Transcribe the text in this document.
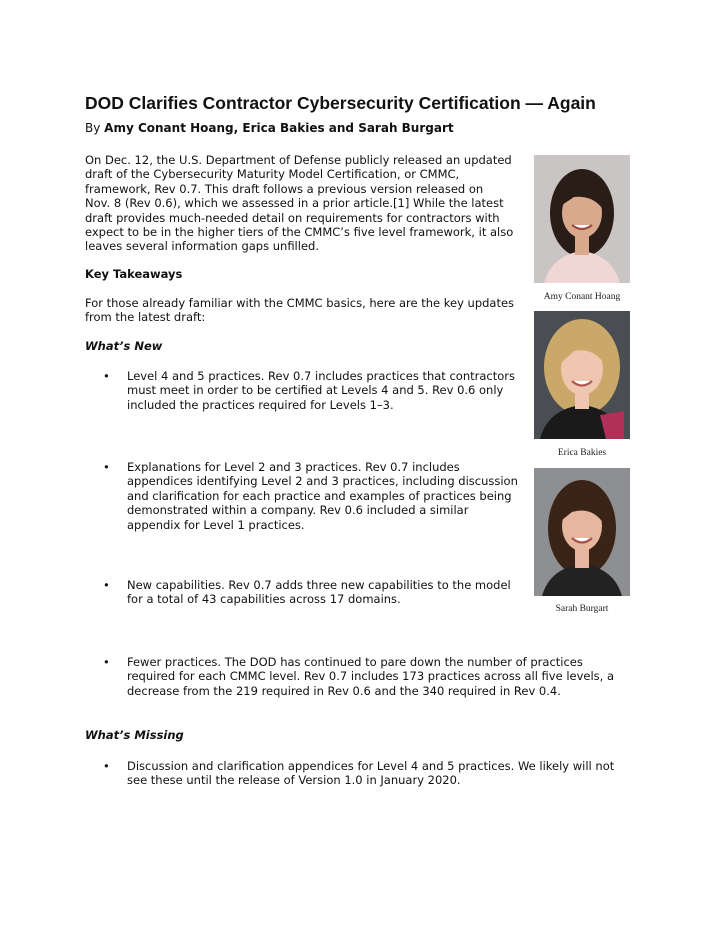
DOD Clarifies Contractor Cybersecurity Certification — Again
By Amy Conant Hoang, Erica Bakies and Sarah Burgart
On Dec. 12, the U.S. Department of Defense publicly released an updated
draft of the Cybersecurity Maturity Model Certification, or CMMC,
framework, Rev 0.7. This draft follows a previous version released on
Nov. 8 (Rev 0.6), which we assessed in a prior article.[1] While the latest
draft provides much-needed detail on requirements for contractors with
expect to be in the higher tiers of the CMMC’s five level framework, it also
leaves several information gaps unfilled.
Key Takeaways
For those already familiar with the CMMC basics, here are the key updates
from the latest draft:
What’s New
• Level 4 and 5 practices. Rev 0.7 includes practices that contractors
must meet in order to be certified at Levels 4 and 5. Rev 0.6 only
included the practices required for Levels 1–3.
• Explanations for Level 2 and 3 practices. Rev 0.7 includes
appendices identifying Level 2 and 3 practices, including discussion
and clarification for each practice and examples of practices being
demonstrated within a company. Rev 0.6 included a similar
appendix for Level 1 practices.
• New capabilities. Rev 0.7 adds three new capabilities to the model
for a total of 43 capabilities across 17 domains.
• Fewer practices. The DOD has continued to pare down the number of practices
required for each CMMC level. Rev 0.7 includes 173 practices across all five levels, a
decrease from the 219 required in Rev 0.6 and the 340 required in Rev 0.4.
What’s Missing
• Discussion and clarification appendices for Level 4 and 5 practices. We likely will not
see these until the release of Version 1.0 in January 2020.
Amy Conant Hoang
Erica Bakies
Sarah Burgart
